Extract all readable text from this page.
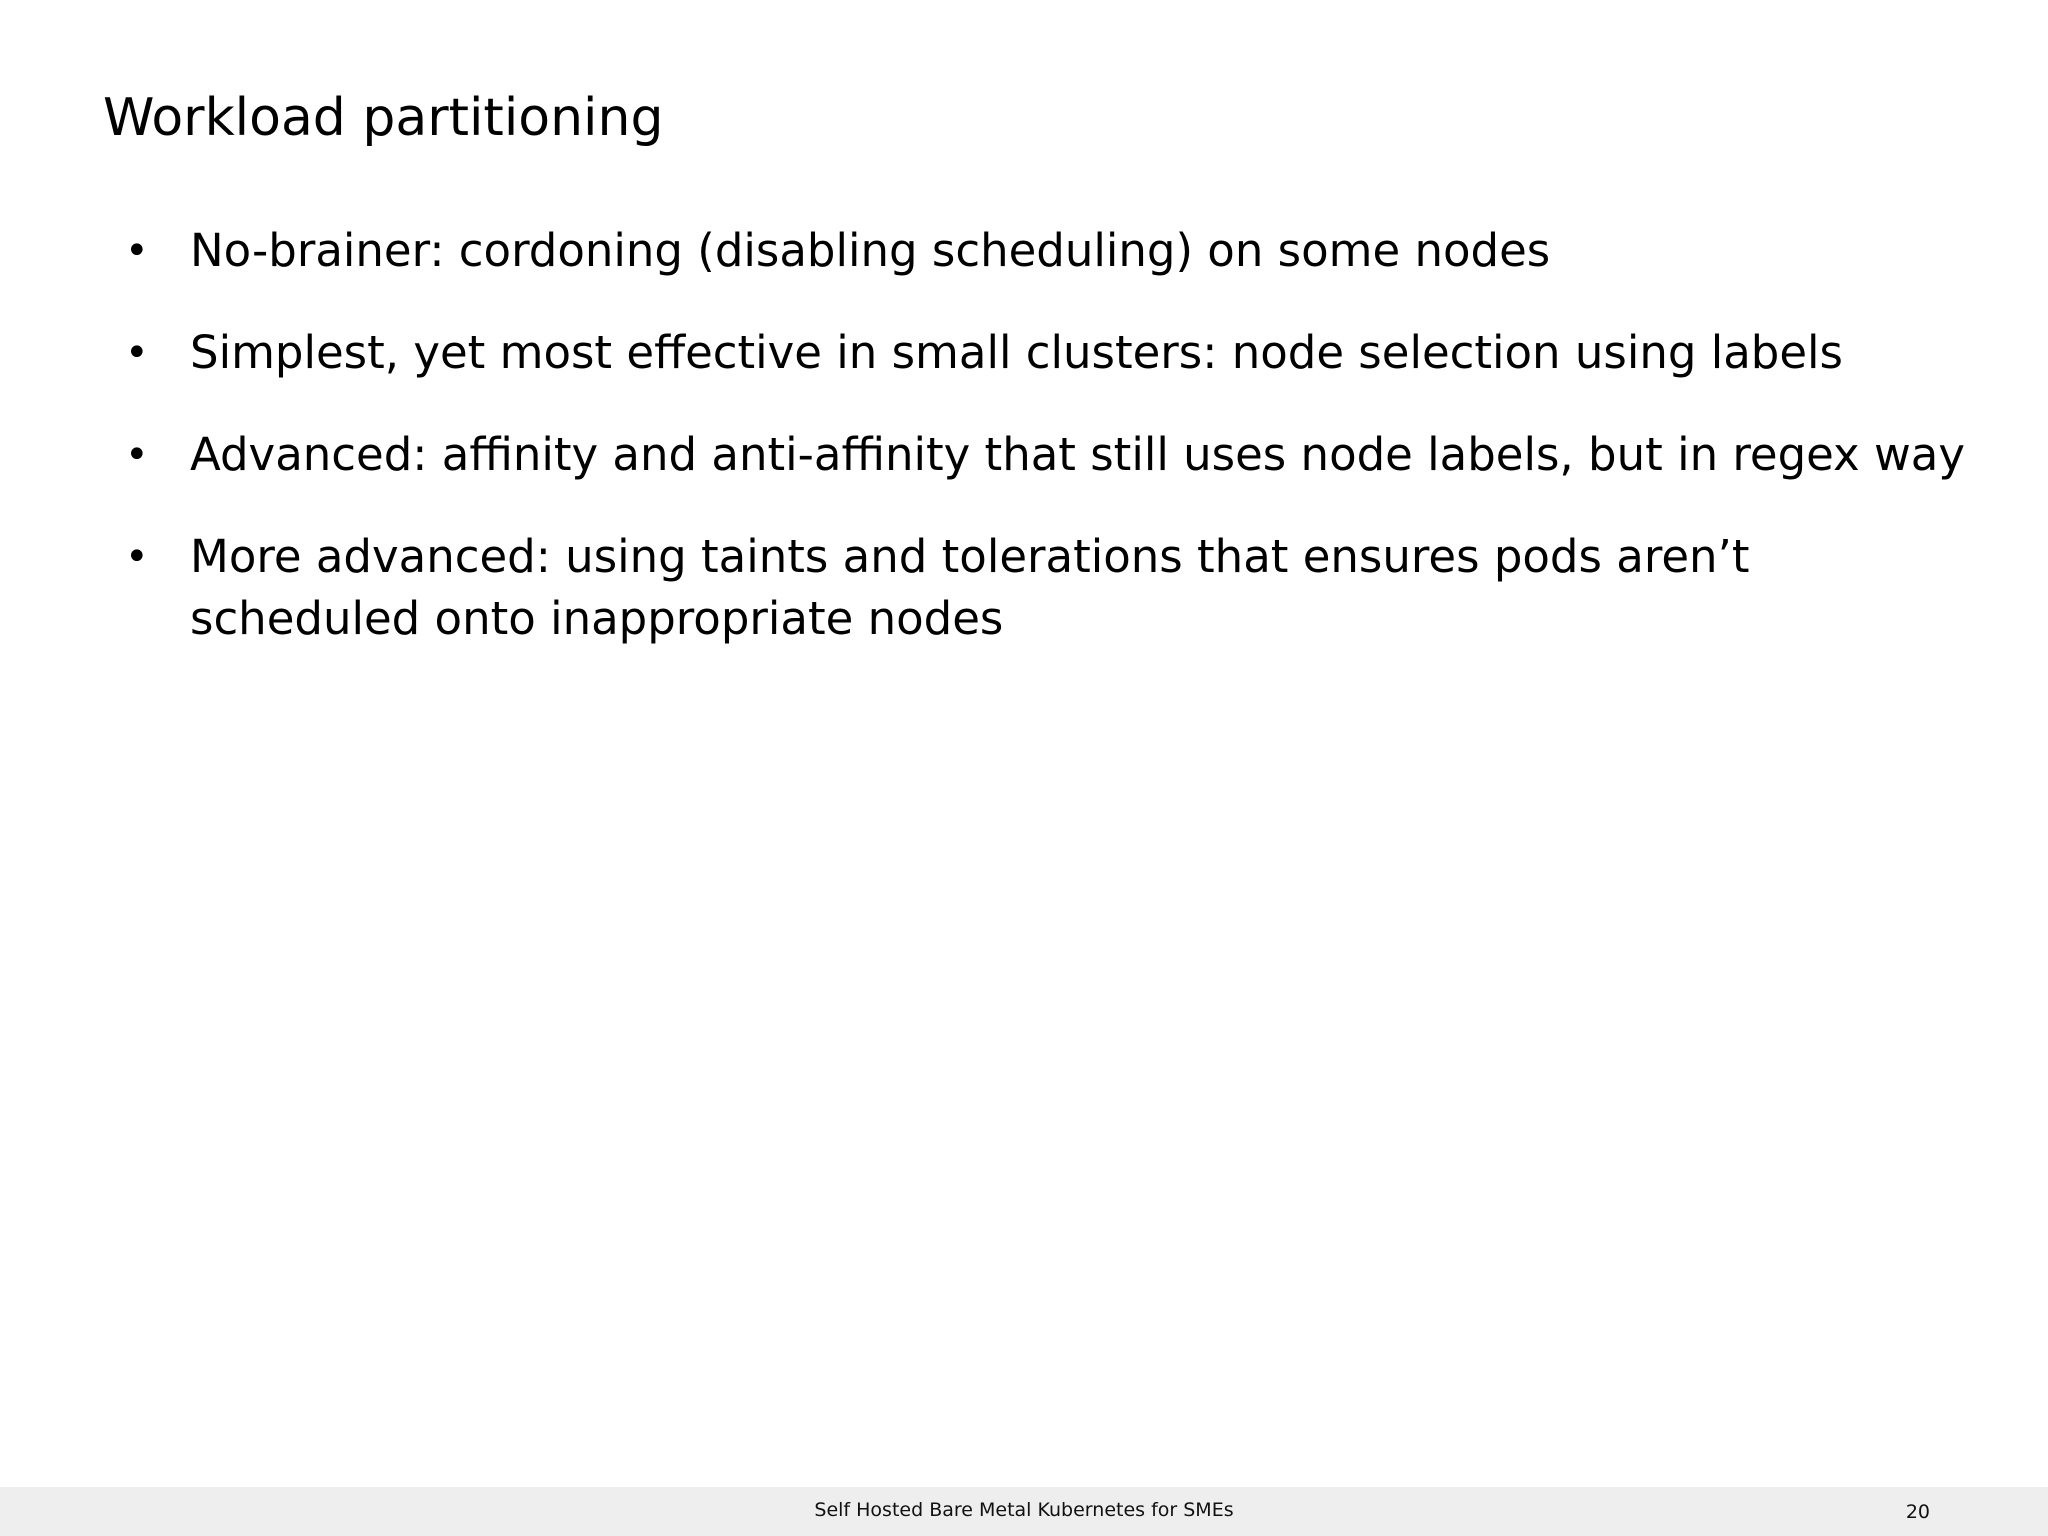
Workload partitioning
• No-brainer: cordoning (disabling scheduling) on some nodes
• Simplest, yet most effective in small clusters: node selection using labels
• Advanced: affinity and anti-affinity that still uses node labels, but in regex way
• More advanced: using taints and tolerations that ensures pods aren’t scheduled onto inappropriate nodes
Self Hosted Bare Metal Kubernetes for SMEs	20
